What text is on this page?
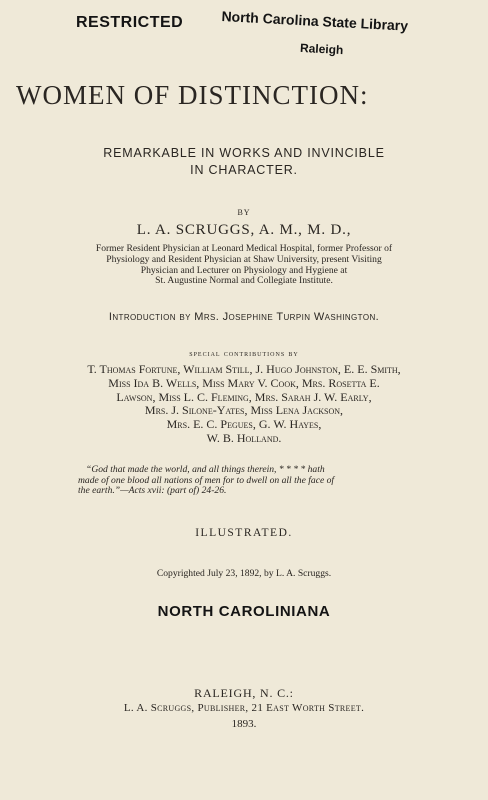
RESTRICTED	North Carolina State Library
Raleigh
WOMEN OF DISTINCTION:
REMARKABLE IN WORKS AND INVINCIBLE
IN CHARACTER.
BY
L. A. SCRUGGS, A. M., M. D.,
Former Resident Physician at Leonard Medical Hospital, former Professor of
Physiology and Resident Physician at Shaw University, present Visiting
Physician and Lecturer on Physiology and Hygiene at
St. Augustine Normal and Collegiate Institute.
Introduction by Mrs. Josephine Turpin Washington.
special contributions by
T. Thomas Fortune, William Still, J. Hugo Johnston, E. E. Smith,
Miss Ida B. Wells, Miss Mary V. Cook, Mrs. Rosetta E.
Lawson, Miss L. C. Fleming, Mrs. Sarah J. W. Early,
Mrs. J. Silone-Yates, Miss Lena Jackson,
Mrs. E. C. Pegues, G. W. Hayes,
W. B. Holland.
“God that made the world, and all things therein, * * * * hath
made of one blood all nations of men for to dwell on all the face of
the earth.”—Acts xvii: (part of) 24-26.
ILLUSTRATED.
Copyrighted July 23, 1892, by L. A. Scruggs.
NORTH CAROLINIANA
RALEIGH, N. C.:
L. A. Scruggs, Publisher, 21 East Worth Street.
1893.
